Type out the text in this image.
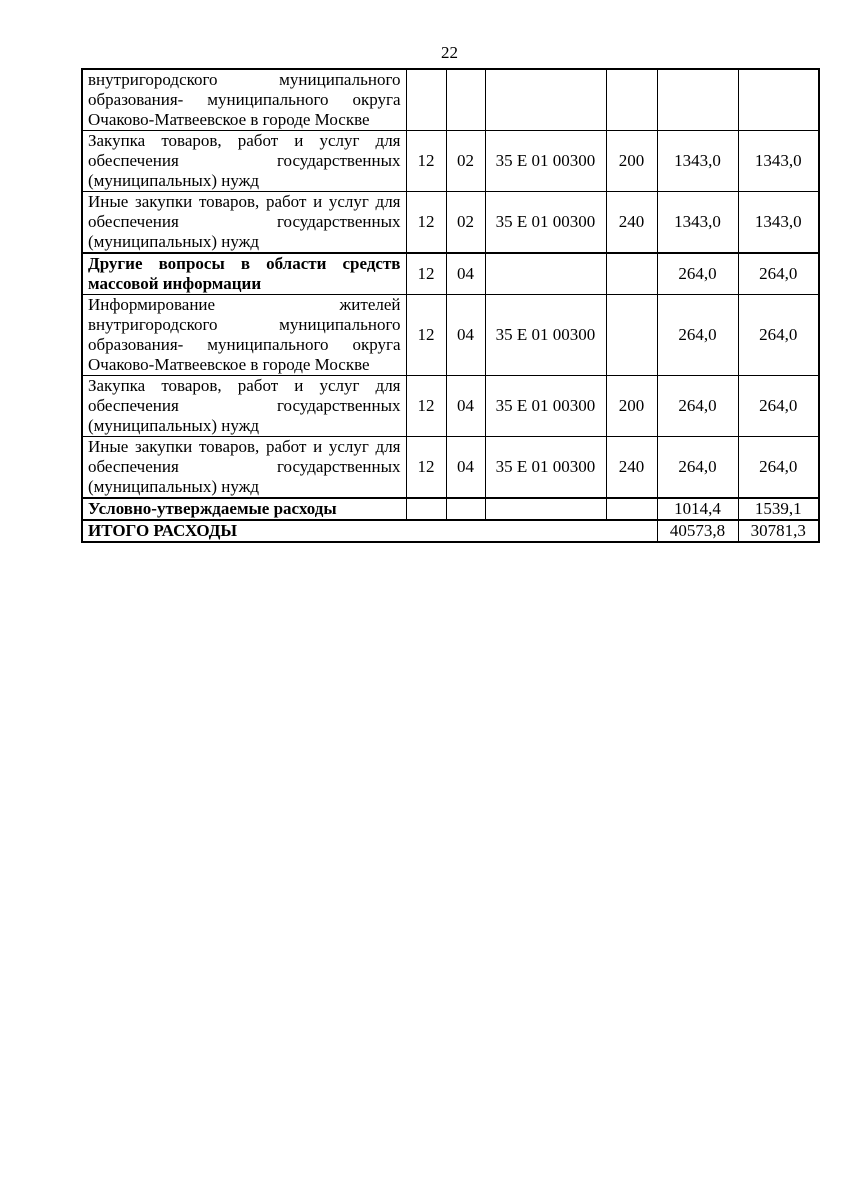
22
внутригородского муниципального образования- муниципального округа Очаково-Матвеевское в городе Москве						
Закупка товаров, работ и услуг для обеспечения государственных (муниципальных) нужд	12	02	35 Е 01 00300	200	1343,0	1343,0
Иные закупки товаров, работ и услуг для обеспечения государственных (муниципальных) нужд	12	02	35 Е 01 00300	240	1343,0	1343,0
Другие вопросы в области средств массовой информации	12	04			264,0	264,0
Информирование жителей внутригородского муниципального образования- муниципального округа Очаково-Матвеевское в городе Москве	12	04	35 Е 01 00300		264,0	264,0
Закупка товаров, работ и услуг для обеспечения государственных (муниципальных) нужд	12	04	35 Е 01 00300	200	264,0	264,0
Иные закупки товаров, работ и услуг для обеспечения государственных (муниципальных) нужд	12	04	35 Е 01 00300	240	264,0	264,0
Условно-утверждаемые расходы					1014,4	1539,1
ИТОГО РАСХОДЫ					40573,8	30781,3
